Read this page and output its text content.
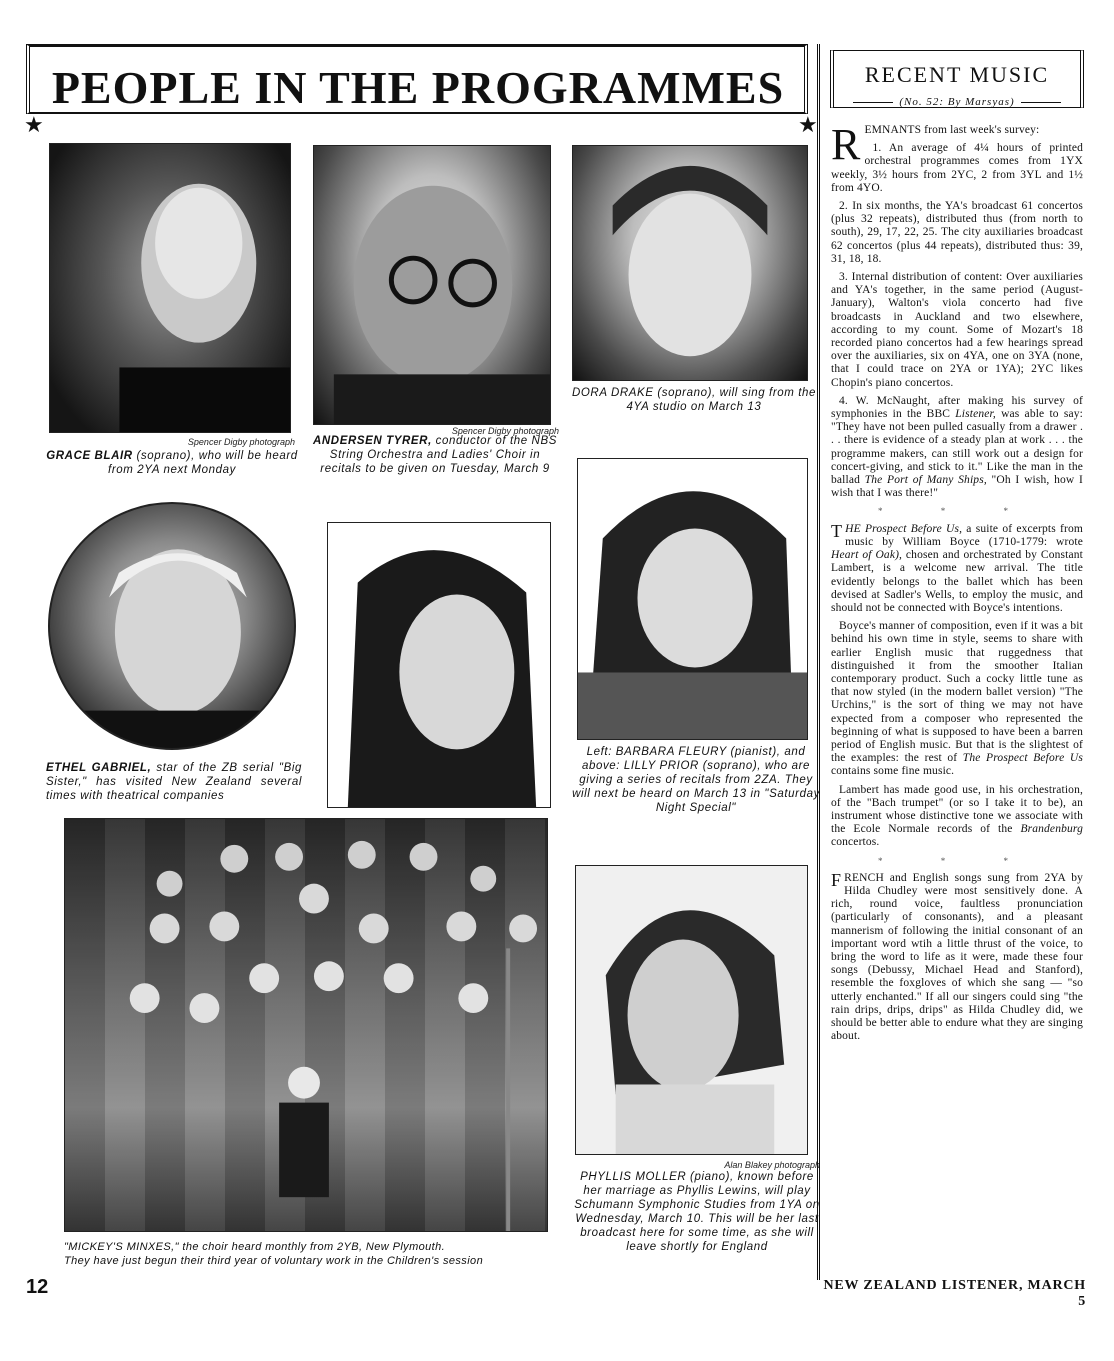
PEOPLE IN THE PROGRAMMES
★	★
Spencer Digby photograph
GRACE BLAIR (soprano), who will be heard from 2YA next Monday
Spencer Digby photograph
ANDERSEN TYRER, conductor of the NBS String Orchestra and Ladies' Choir in recitals to be given on Tuesday, March 9
DORA DRAKE (soprano), will sing from the 4YA studio on March 13
ETHEL GABRIEL, star of the ZB serial "Big Sister," has visited New Zealand several times with theatrical companies
Left: BARBARA FLEURY (pianist), and above: LILLY PRIOR (soprano), who are giving a series of recitals from 2ZA. They will next be heard on March 13 in "Saturday Night Special"
"MICKEY'S MINXES," the choir heard monthly from 2YB, New Plymouth.
They have just begun their third year of voluntary work in the Children's session
Alan Blakey photograph
PHYLLIS MOLLER (piano), known before her marriage as Phyllis Lewins, will play Schumann Symphonic Studies from 1YA on Wednesday, March 10. This will be her last broadcast here for some time, as she will leave shortly for England
RECENT MUSIC
(No. 52: By Marsyas)

REMNANTS from last week's survey:

1. An average of 4¼ hours of printed orchestral programmes comes from 1YX weekly, 3½ hours from 2YC, 2 from 3YL and 1½ from 4YO.

2. In six months, the YA's broadcast 61 concertos (plus 32 repeats), distributed thus (from north to south), 29, 17, 22, 25. The city auxiliaries broadcast 62 concertos (plus 44 repeats), distributed thus: 39, 31, 18, 18.

3. Internal distribution of content: Over auxiliaries and YA's together, in the same period (August-January), Walton's viola concerto had five broadcasts in Auckland and two elsewhere, according to my count. Some of Mozart's 18 recorded piano concertos had a few hearings spread over the auxiliaries, six on 4YA, one on 3YA (none, that I could trace on 2YA or 1YA); 2YC likes Chopin's piano concertos.

4. W. McNaught, after making his survey of symphonies in the BBC Listener, was able to say: "They have not been pulled casually from a drawer . . . there is evidence of a steady plan at work . . . the programme makers, can still work out a design for concert-giving, and stick to it." Like the man in the ballad The Port of Many Ships, "Oh I wish, how I wish that I was there!"

* * *

THE Prospect Before Us, a suite of excerpts from music by William Boyce (1710-1779: wrote Heart of Oak), chosen and orchestrated by Constant Lambert, is a welcome new arrival. The title evidently belongs to the ballet which has been devised at Sadler's Wells, to employ the music, and should not be connected with Boyce's intentions.

Boyce's manner of composition, even if it was a bit behind his own time in style, seems to share with earlier English music that ruggedness that distinguished it from the smoother Italian contemporary product. Such a cocky little tune as that now styled (in the modern ballet version) "The Urchins," is the sort of thing we may not have expected from a composer who represented the beginning of what is supposed to have been a barren period of English music. But that is the slightest of the examples: the rest of The Prospect Before Us contains some fine music.

Lambert has made good use, in his orchestration, of the "Bach trumpet" (or so I take it to be), an instrument whose distinctive tone we associate with the Ecole Normale records of the Brandenburg concertos.

* * *

FRENCH and English songs sung from 2YA by Hilda Chudley were most sensitively done. A rich, round voice, faultless pronunciation (particularly of consonants), and a pleasant mannerism of following the initial consonant of an important word wtih a little thrust of the voice, to bring the word to life as it were, made these four songs (Debussy, Michael Head and Stanford), resemble the foxgloves of which she sang — "so utterly enchanted." If all our singers could sing "the rain drips, drips, drips" as Hilda Chudley did, we should be better able to endure what they are singing about.

12	NEW ZEALAND LISTENER, MARCH 5
